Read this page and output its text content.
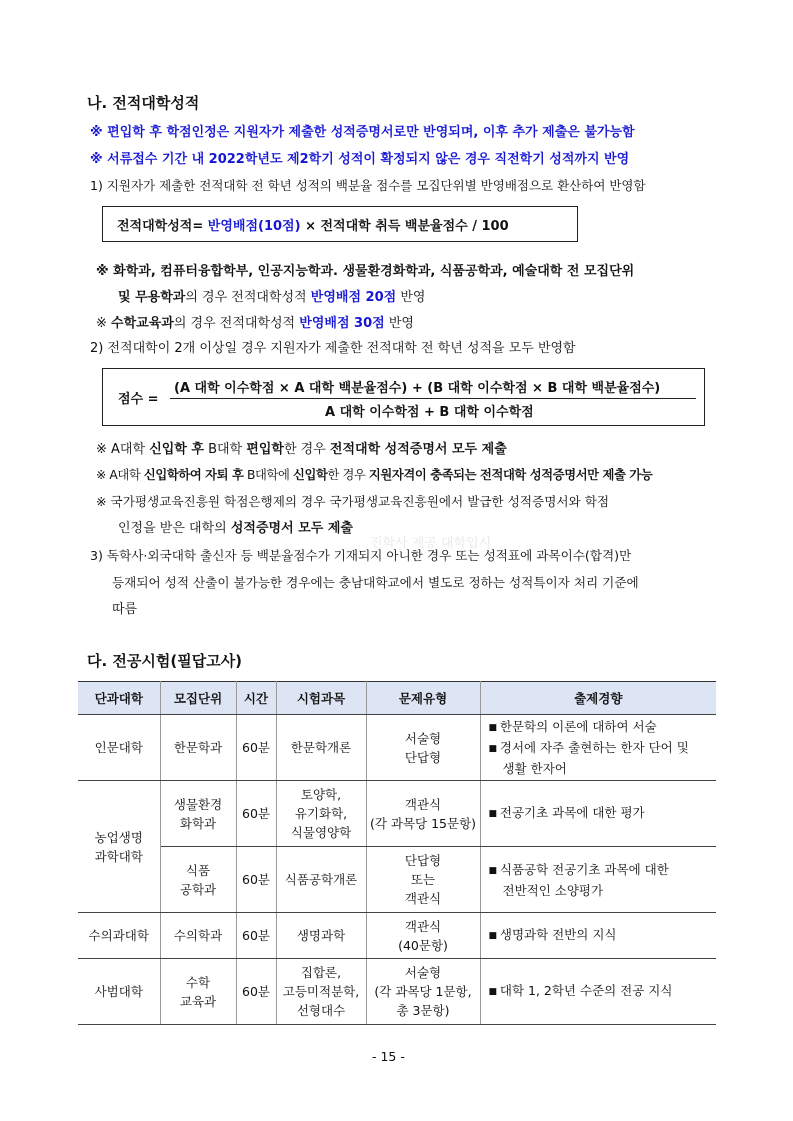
나. 전적대학성적
※ 편입학 후 학점인정은 지원자가 제출한 성적증명서로만 반영되며, 이후 추가 제출은 불가능함
※ 서류접수 기간 내 2022학년도 제2학기 성적이 확정되지 않은 경우 직전학기 성적까지 반영
1) 지원자가 제출한 전적대학 전 학년 성적의 백분율 점수를 모집단위별 반영배점으로 환산하여 반영함
전적대학성적= 반영배점(10점) × 전적대학 취득 백분율점수 / 100
※ 화학과, 컴퓨터융합학부, 인공지능학과. 생물환경화학과, 식품공학과, 예술대학 전 모집단위
및 무용학과의 경우 전적대학성적 반영배점 20점 반영
※ 수학교육과의 경우 전적대학성적 반영배점 30점 반영
2) 전적대학이 2개 이상일 경우 지원자가 제출한 전적대학 전 학년 성적을 모두 반영함
점수 =
(A 대학 이수학점 × A 대학 백분율점수) + (B 대학 이수학점 × B 대학 백분율점수)
A 대학 이수학점 + B 대학 이수학점
※ A대학 신입학 후 B대학 편입학한 경우 전적대학 성적증명서 모두 제출
※ A대학 신입학하여 자퇴 후 B대학에 신입학한 경우 지원자격이 충족되는 전적대학 성적증명서만 제출 가능
※ 국가평생교육진흥원 학점은행제의 경우 국가평생교육진흥원에서 발급한 성적증명서와 학점
인정을 받은 대학의 성적증명서 모두 제출
진학사 제공 대학입시
3) 독학사·외국대학 출신자 등 백분율점수가 기재되지 아니한 경우 또는 성적표에 과목이수(합격)만
등재되어 성적 산출이 불가능한 경우에는 충남대학교에서 별도로 정하는 성적특이자 처리 기준에
따름
다. 전공시험(필답고사)
단과대학	모집단위	시간	시험과목	문제유형	출제경향

인문대학	한문학과	60분	한문학개론	서술형
단답형	■ 한문학의 이론에 대하여 서술
■ 경서에 자주 출현하는 한자 단어 및
생활 한자어

농업생명
과학대학	생물환경
화학과	60분	토양학,
유기화학,
식물영양학	객관식
(각 과목당 15문항)	■ 전공기초 과목에 대한 평가

	식품
공학과	60분	식품공학개론	단답형
또는
객관식	■ 식품공학 전공기초 과목에 대한
전반적인 소양평가

수의과대학	수의학과	60분	생명과학	객관식
(40문항)	■ 생명과학 전반의 지식

사범대학	수학
교육과	60분	집합론,
고등미적분학,
선형대수	서술형
(각 과목당 1문항,
총 3문항)	■ 대학 1, 2학년 수준의 전공 지식
- 15 -
